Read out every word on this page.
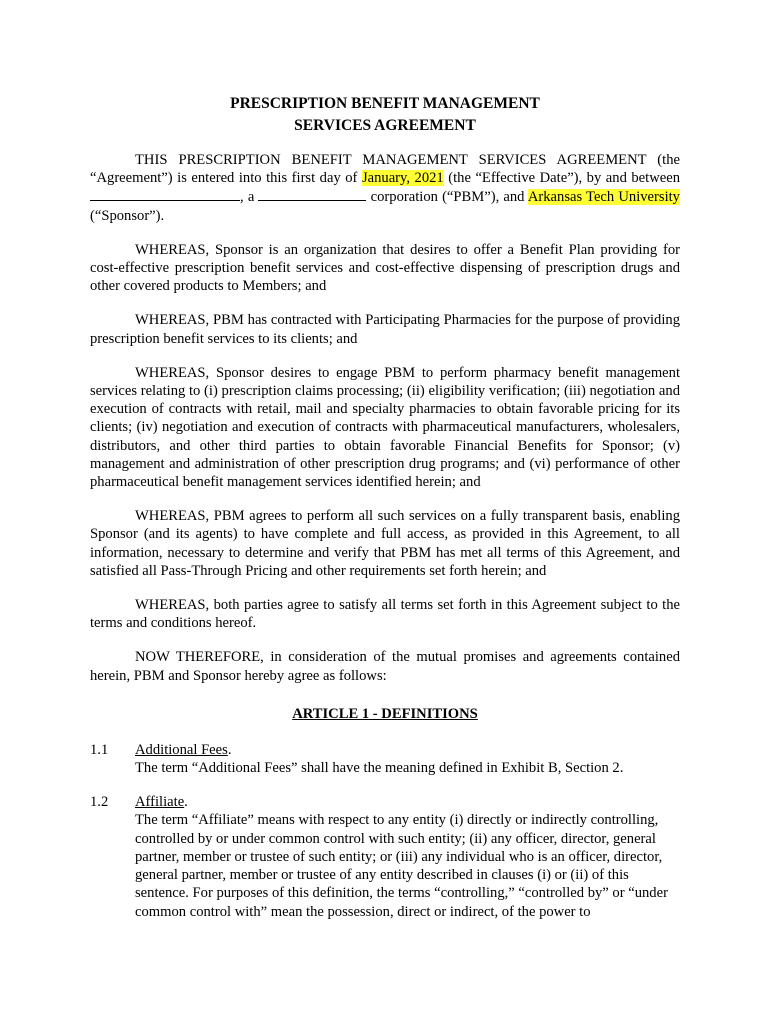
PRESCRIPTION BENEFIT MANAGEMENT
SERVICES AGREEMENT

THIS PRESCRIPTION BENEFIT MANAGEMENT SERVICES AGREEMENT (the “Agreement”) is entered into this first day of January, 2021 (the “Effective Date”), by and between , a	corporation (“PBM”), and Arkansas Tech University (“Sponsor”).

WHEREAS, Sponsor is an organization that desires to offer a Benefit Plan providing for cost-effective prescription benefit services and cost-effective dispensing of prescription drugs and other covered products to Members; and

WHEREAS, PBM has contracted with Participating Pharmacies for the purpose of providing prescription benefit services to its clients; and

WHEREAS, Sponsor desires to engage PBM to perform pharmacy benefit management services relating to (i) prescription claims processing; (ii) eligibility verification; (iii) negotiation and execution of contracts with retail, mail and specialty pharmacies to obtain favorable pricing for its clients; (iv) negotiation and execution of contracts with pharmaceutical manufacturers, wholesalers, distributors, and other third parties to obtain favorable Financial Benefits for Sponsor; (v) management and administration of other prescription drug programs; and (vi) performance of other pharmaceutical benefit management services identified herein; and

WHEREAS, PBM agrees to perform all such services on a fully transparent basis, enabling Sponsor (and its agents) to have complete and full access, as provided in this Agreement, to all information, necessary to determine and verify that PBM has met all terms of this Agreement, and satisfied all Pass-Through Pricing and other requirements set forth herein; and

WHEREAS, both parties agree to satisfy all terms set forth in this Agreement subject to the terms and conditions hereof.

NOW THEREFORE, in consideration of the mutual promises and agreements contained herein, PBM and Sponsor hereby agree as follows:

ARTICLE 1 - DEFINITIONS
1.1	Additional Fees.
The term “Additional Fees” shall have the meaning defined in Exhibit B, Section 2.
1.2	Affiliate.
The term “Affiliate” means with respect to any entity (i) directly or indirectly controlling, controlled by or under common control with such entity; (ii) any officer, director, general partner, member or trustee of such entity; or (iii) any individual who is an officer, director, general partner, member or trustee of any entity described in clauses (i) or (ii) of this sentence. For purposes of this definition, the terms “controlling,” “controlled by” or “under common control with” mean the possession, direct or indirect, of the power to
